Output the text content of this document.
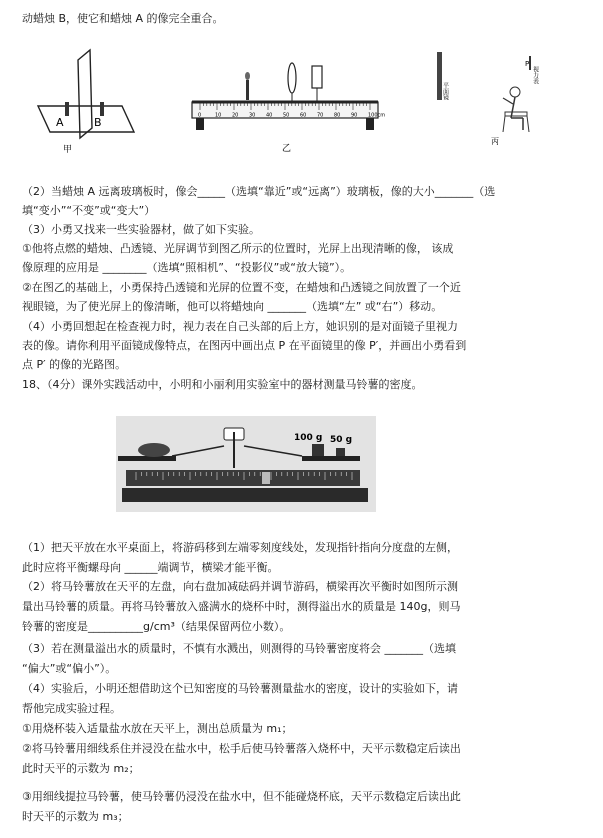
动蜡烛 B，使它和蜡烛 A 的像完全重合。
A	B
甲
0	10 20 30 40 50 60 70 80 90 100cm
乙
平面镜
视力表
P
丙
（2）当蜡烛 A 远离玻璃板时，像会_____（选填“靠近”或“远离”）玻璃板，像的大小_______（选
填“变小”“不变”或“变大”）
（3）小勇又找来一些实验器材，做了如下实验。
①他将点燃的蜡烛、凸透镜、光屏调节到图乙所示的位置时，光屏上出现清晰的像， 该成
像原理的应用是 ________（选填“照相机”、“投影仪”或“放大镜”）。
②在图乙的基础上，小勇保持凸透镜和光屏的位置不变，在蜡烛和凸透镜之间放置了一个近
视眼镜，为了使光屏上的像清晰，他可以将蜡烛向 _______（选填“左” 或“右”）移动。
（4）小勇回想起在检查视力时，视力表在自己头部的后上方，她识别的是对面镜子里视力
表的像。请你利用平面镜成像特点，在图丙中画出点 P 在平面镜里的像 P′，并画出小勇看到
点 P′ 的像的光路图。
18、（4分）课外实践活动中，小明和小丽利用实验室中的器材测量马铃薯的密度。
100 g 50 g
（1）把天平放在水平桌面上，将游码移到左端零刻度线处，发现指针指向分度盘的左侧，
此时应将平衡螺母向 ______端调节，横梁才能平衡。
（2）将马铃薯放在天平的左盘，向右盘加减砝码并调节游码，横梁再次平衡时如图所示测
量出马铃薯的质量。再将马铃薯放入盛满水的烧杯中时，测得溢出水的质量是 140g，则马
铃薯的密度是__________g/cm³（结果保留两位小数）。
（3）若在测量溢出水的质量时，不慎有水溅出，则测得的马铃薯密度将会 _______（选填
“偏大”或“偏小”）。
（4）实验后，小明还想借助这个已知密度的马铃薯测量盐水的密度，设计的实验如下，请
帮他完成实验过程。
①用烧杯装入适量盐水放在天平上，测出总质量为 m₁；
②将马铃薯用细线系住并浸没在盐水中，松手后使马铃薯落入烧杯中，天平示数稳定后读出
此时天平的示数为 m₂；
③用细线提拉马铃薯，使马铃薯仍浸没在盐水中，但不能碰烧杯底，天平示数稳定后读出此
时天平的示数为 m₃；
